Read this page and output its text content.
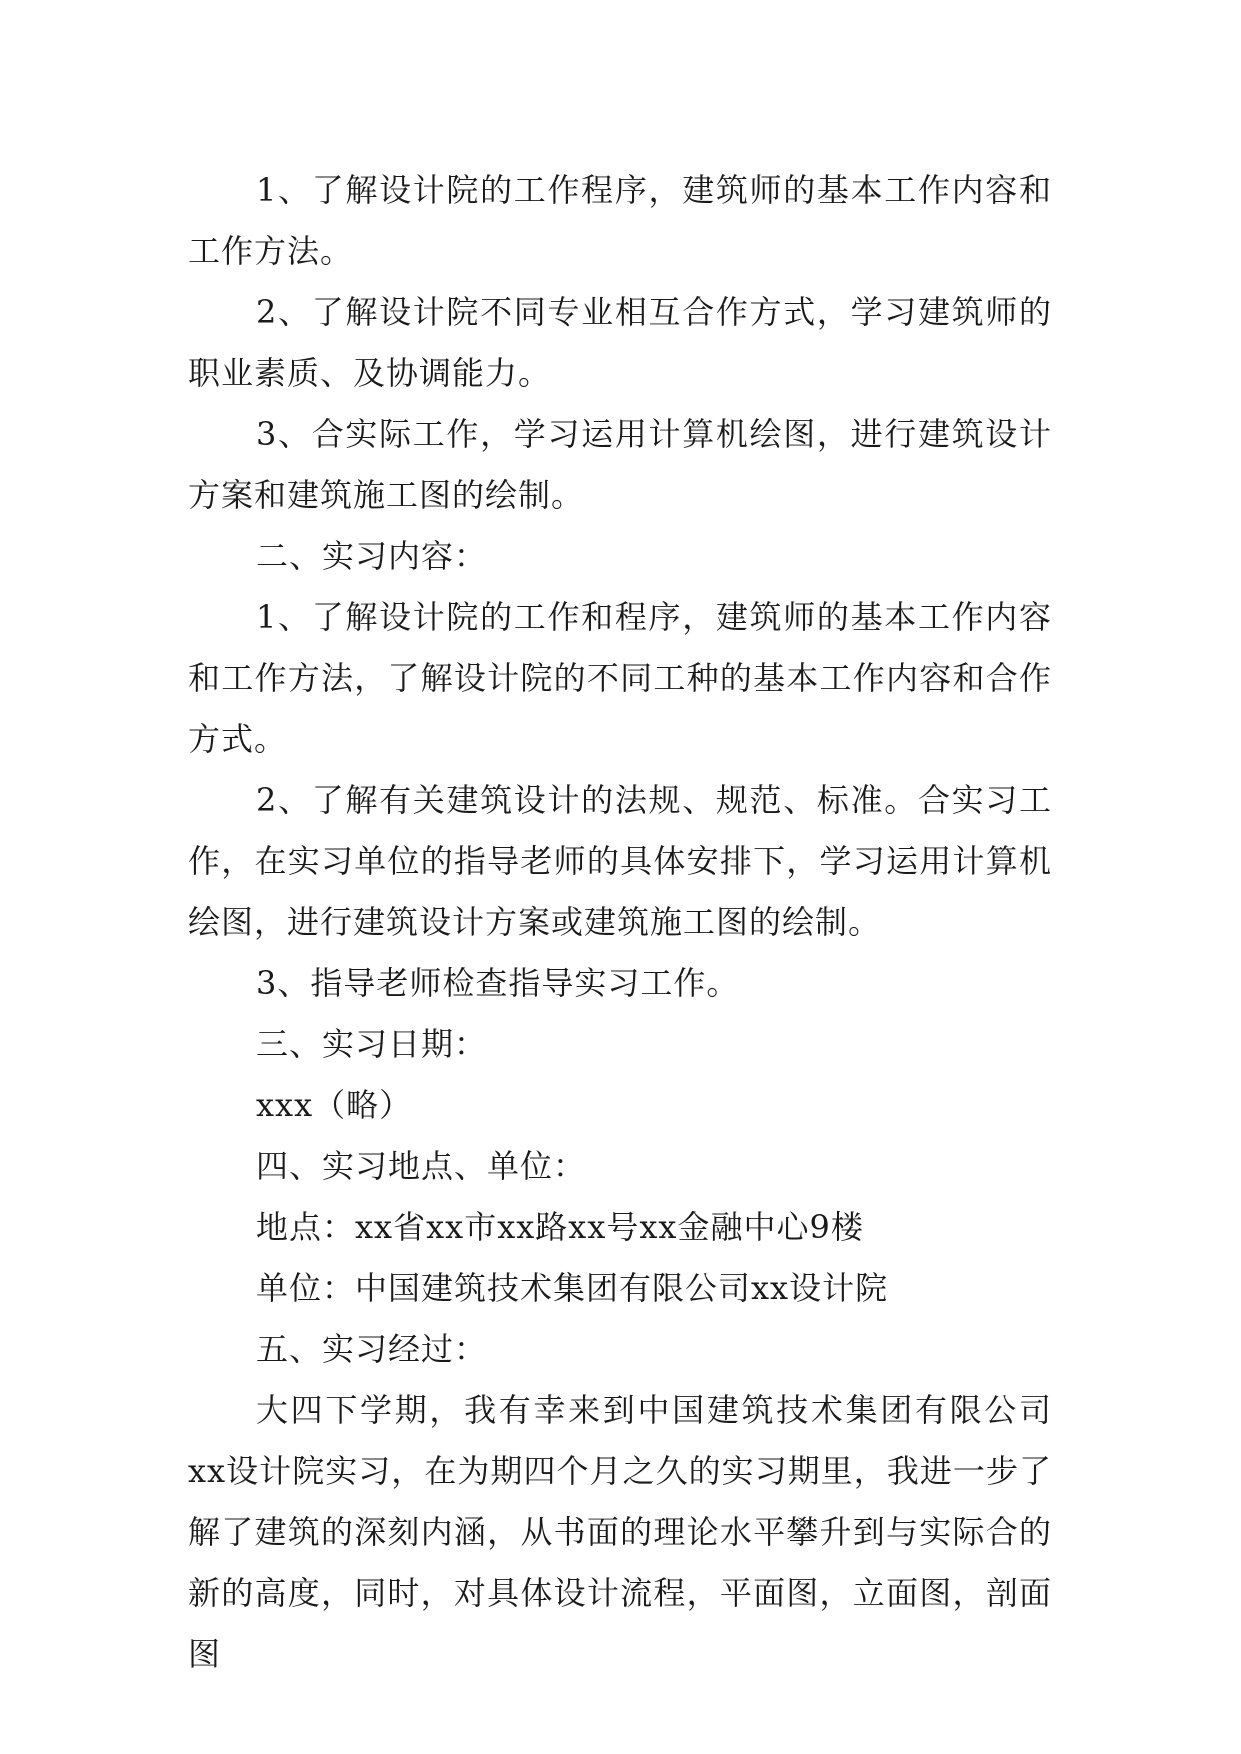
1、了解设计院的工作程序，建筑师的基本工作内容和工作方法。

2、了解设计院不同专业相互合作方式，学习建筑师的职业素质、及协调能力。

3、合实际工作，学习运用计算机绘图，进行建筑设计方案和建筑施工图的绘制。

二、实习内容：

1、了解设计院的工作和程序，建筑师的基本工作内容和工作方法，了解设计院的不同工种的基本工作内容和合作方式。

2、了解有关建筑设计的法规、规范、标准。合实习工作，在实习单位的指导老师的具体安排下，学习运用计算机绘图，进行建筑设计方案或建筑施工图的绘制。

3、指导老师检查指导实习工作。

三、实习日期：

xxx（略）

四、实习地点、单位：

地点：xx省xx市xx路xx号xx金融中心9楼

单位：中国建筑技术集团有限公司xx设计院

五、实习经过：

大四下学期，我有幸来到中国建筑技术集团有限公司xx设计院实习，在为期四个月之久的实习期里，我进一步了解了建筑的深刻内涵，从书面的理论水平攀升到与实际合的新的高度，同时，对具体设计流程，平面图，立面图，剖面图
